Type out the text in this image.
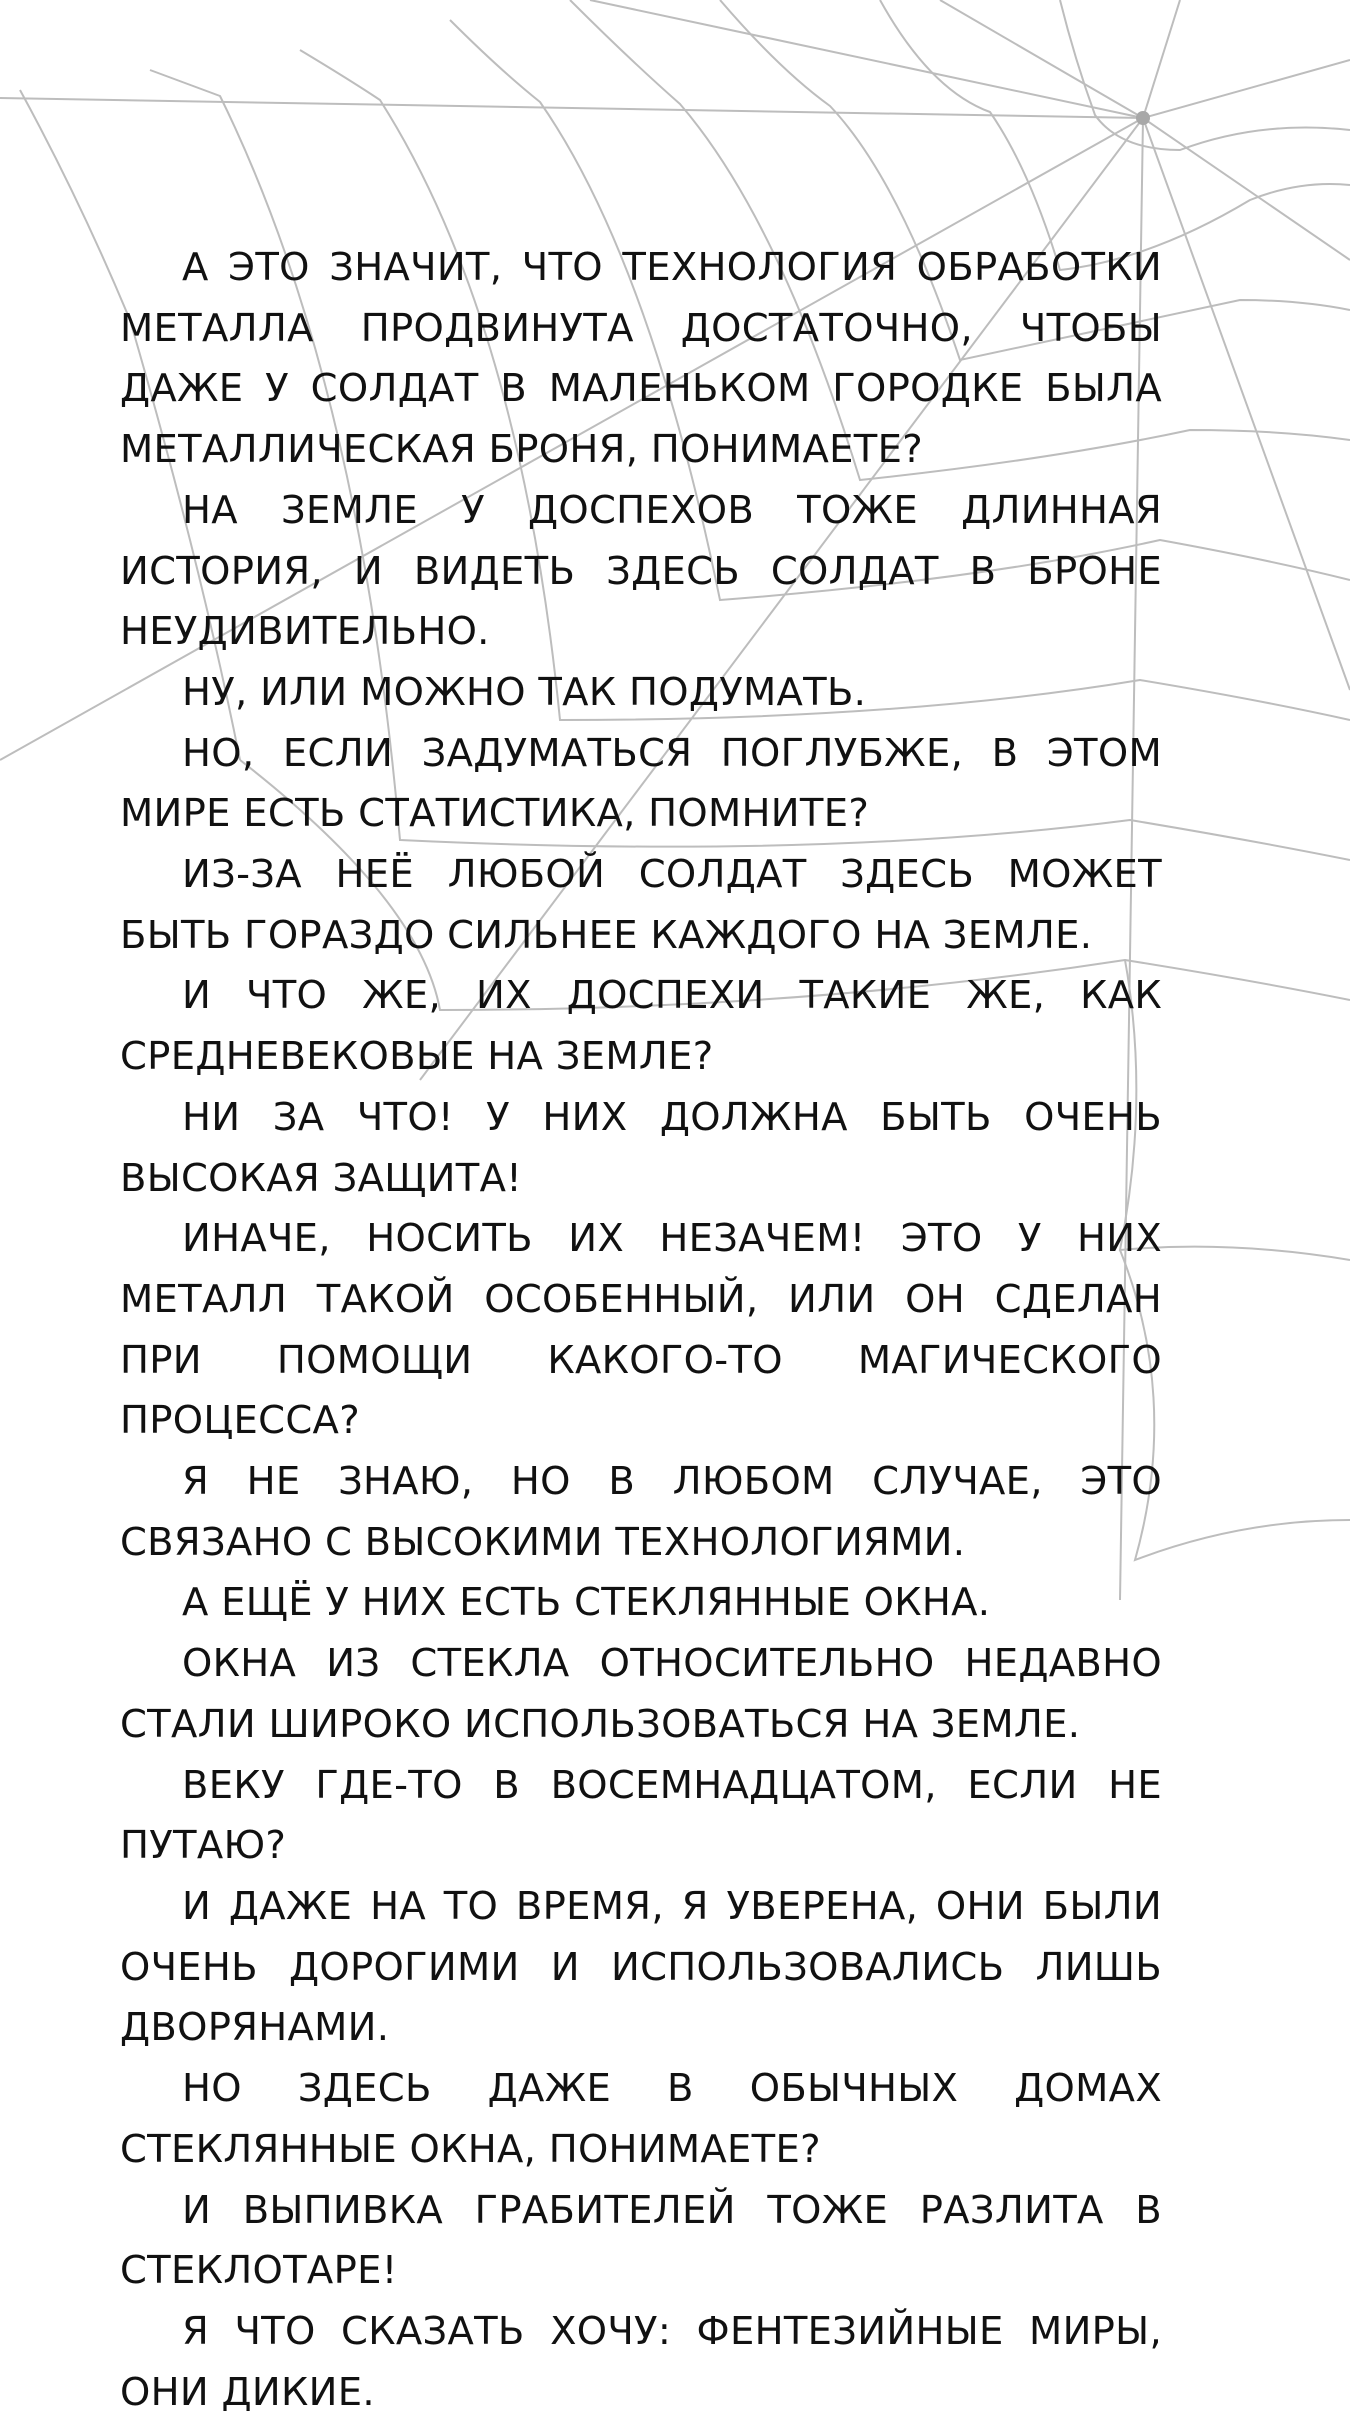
А ЭТО ЗНАЧИТ, ЧТО ТЕХНОЛОГИЯ ОБРАБОТКИ МЕТАЛЛА ПРОДВИНУТА ДОСТАТОЧНО, ЧТОБЫ ДАЖЕ У СОЛДАТ В МАЛЕНЬКОМ ГОРОДКЕ БЫЛА МЕТАЛЛИЧЕСКАЯ БРОНЯ, ПОНИМАЕТЕ?

НА ЗЕМЛЕ У ДОСПЕХОВ ТОЖЕ ДЛИННАЯ ИСТОРИЯ, И ВИДЕТЬ ЗДЕСЬ СОЛДАТ В БРОНЕ НЕУДИВИТЕЛЬНО.

НУ, ИЛИ МОЖНО ТАК ПОДУМАТЬ.

НО, ЕСЛИ ЗАДУМАТЬСЯ ПОГЛУБЖЕ, В ЭТОМ МИРЕ ЕСТЬ СТАТИСТИКА, ПОМНИТЕ?

ИЗ-ЗА НЕЁ ЛЮБОЙ СОЛДАТ ЗДЕСЬ МОЖЕТ БЫТЬ ГОРАЗДО СИЛЬНЕЕ КАЖДОГО НА ЗЕМЛЕ.

И ЧТО ЖЕ, ИХ ДОСПЕХИ ТАКИЕ ЖЕ, КАК СРЕДНЕВЕКОВЫЕ НА ЗЕМЛЕ?

НИ ЗА ЧТО! У НИХ ДОЛЖНА БЫТЬ ОЧЕНЬ ВЫСОКАЯ ЗАЩИТА!

ИНАЧЕ, НОСИТЬ ИХ НЕЗАЧЕМ! ЭТО У НИХ МЕТАЛЛ ТАКОЙ ОСОБЕННЫЙ, ИЛИ ОН СДЕЛАН ПРИ ПОМОЩИ КАКОГО-ТО МАГИЧЕСКОГО ПРОЦЕССА?

Я НЕ ЗНАЮ, НО В ЛЮБОМ СЛУЧАЕ, ЭТО СВЯЗАНО С ВЫСОКИМИ ТЕХНОЛОГИЯМИ.

А ЕЩЁ У НИХ ЕСТЬ СТЕКЛЯННЫЕ ОКНА.

ОКНА ИЗ СТЕКЛА ОТНОСИТЕЛЬНО НЕДАВНО СТАЛИ ШИРОКО ИСПОЛЬЗОВАТЬСЯ НА ЗЕМЛЕ.

ВЕКУ ГДЕ-ТО В ВОСЕМНАДЦАТОМ, ЕСЛИ НЕ ПУТАЮ?

И ДАЖЕ НА ТО ВРЕМЯ, Я УВЕРЕНА, ОНИ БЫЛИ ОЧЕНЬ ДОРОГИМИ И ИСПОЛЬЗОВАЛИСЬ ЛИШЬ ДВОРЯНАМИ.

НО ЗДЕСЬ ДАЖЕ В ОБЫЧНЫХ ДОМАХ СТЕКЛЯННЫЕ ОКНА, ПОНИМАЕТЕ?

И ВЫПИВКА ГРАБИТЕЛЕЙ ТОЖЕ РАЗЛИТА В СТЕКЛОТАРЕ!

Я ЧТО СКАЗАТЬ ХОЧУ: ФЕНТЕЗИЙНЫЕ МИРЫ, ОНИ ДИКИЕ.
